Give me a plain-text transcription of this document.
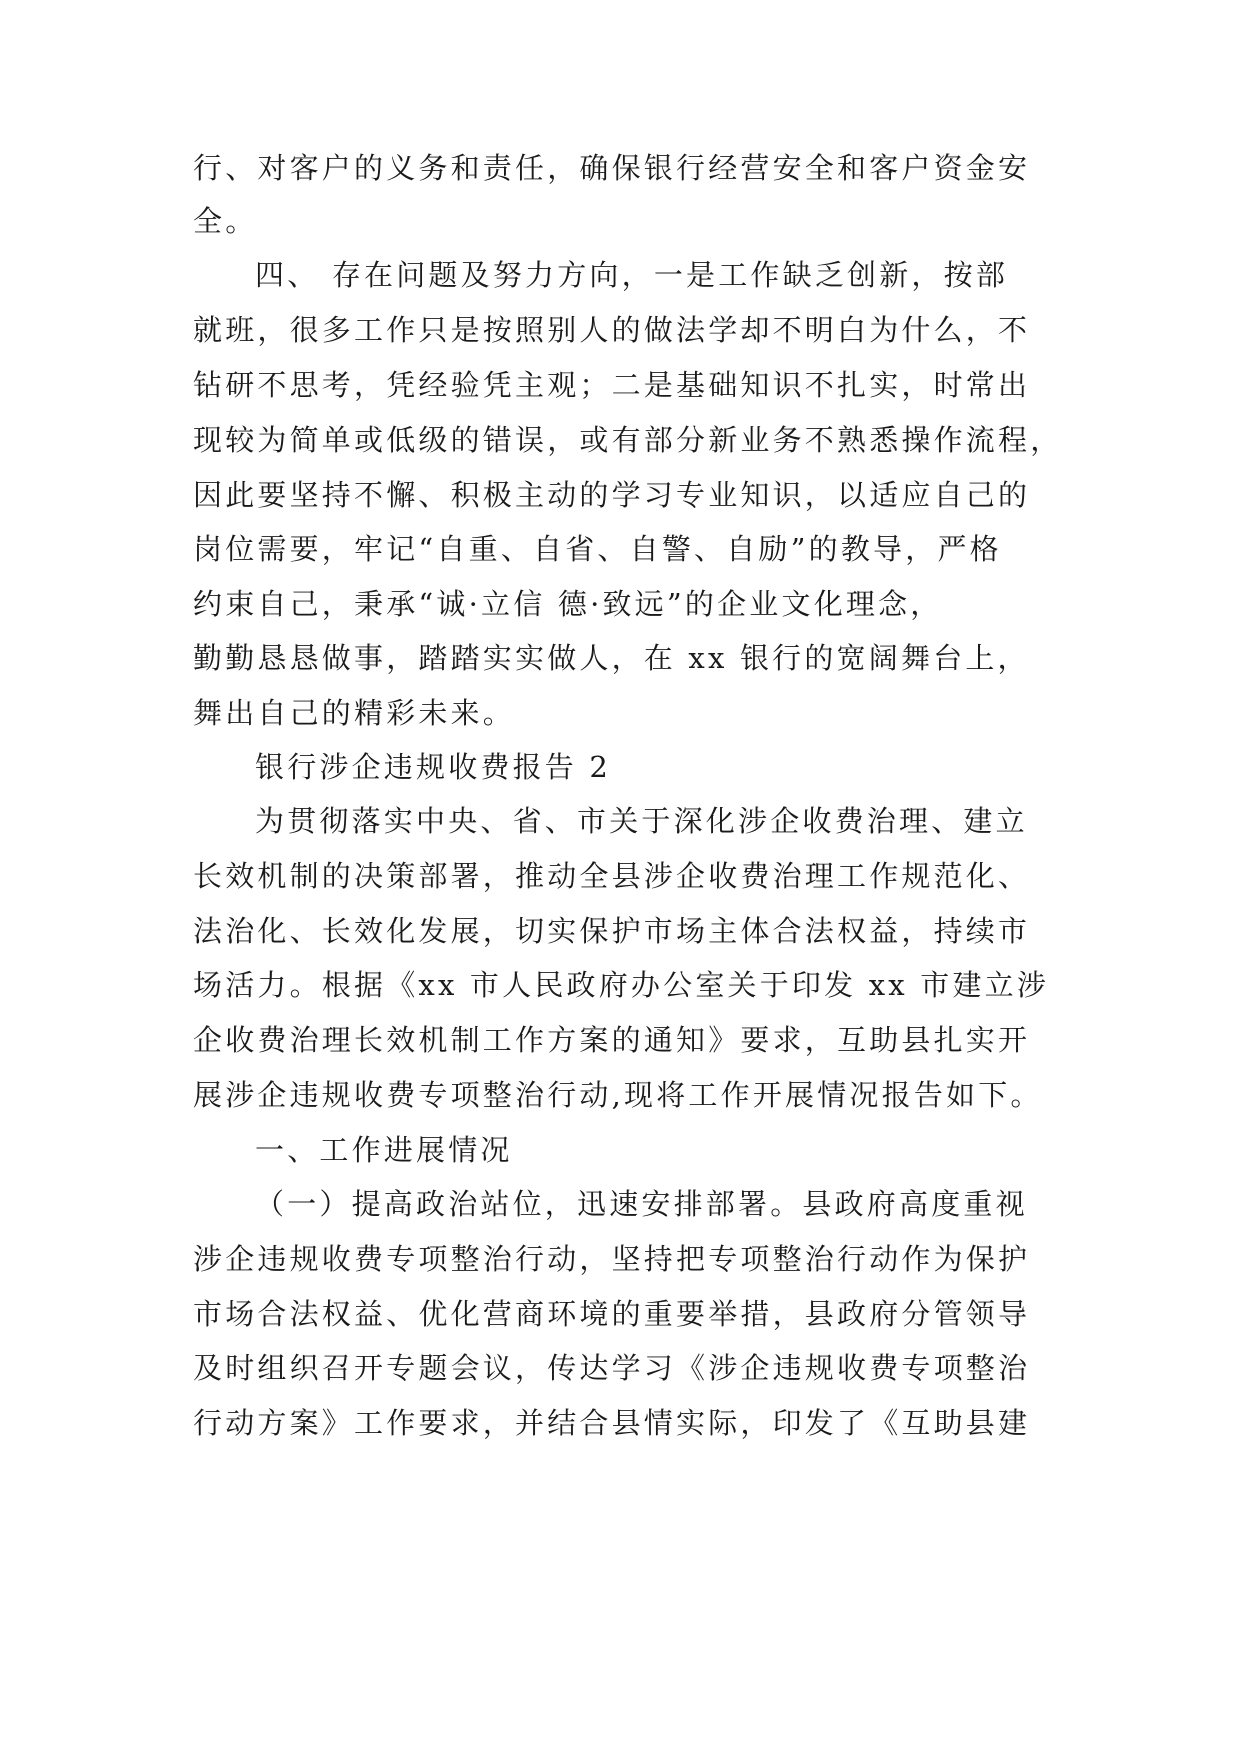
行、对客户的义务和责任，确保银行经营安全和客户资金安
全。
四、 存在问题及努力方向，一是工作缺乏创新，按部
就班，很多工作只是按照别人的做法学却不明白为什么，不
钻研不思考，凭经验凭主观；二是基础知识不扎实，时常出
现较为简单或低级的错误，或有部分新业务不熟悉操作流程，
因此要坚持不懈、积极主动的学习专业知识，以适应自己的
岗位需要，牢记“自重、自省、自警、自励”的教导，严格
约束自己，秉承“诚·立信 德·致远”的企业文化理念，
勤勤恳恳做事，踏踏实实做人，在 xx 银行的宽阔舞台上，
舞出自己的精彩未来。
银行涉企违规收费报告 2
为贯彻落实中央、省、市关于深化涉企收费治理、建立
长效机制的决策部署，推动全县涉企收费治理工作规范化、
法治化、长效化发展，切实保护市场主体合法权益，持续市
场活力。根据《xx 市人民政府办公室关于印发 xx 市建立涉
企收费治理长效机制工作方案的通知》要求，互助县扎实开
展涉企违规收费专项整治行动,现将工作开展情况报告如下。
一、工作进展情况
（一）提高政治站位，迅速安排部署。县政府高度重视
涉企违规收费专项整治行动，坚持把专项整治行动作为保护
市场合法权益、优化营商环境的重要举措，县政府分管领导
及时组织召开专题会议，传达学习《涉企违规收费专项整治
行动方案》工作要求，并结合县情实际，印发了《互助县建
